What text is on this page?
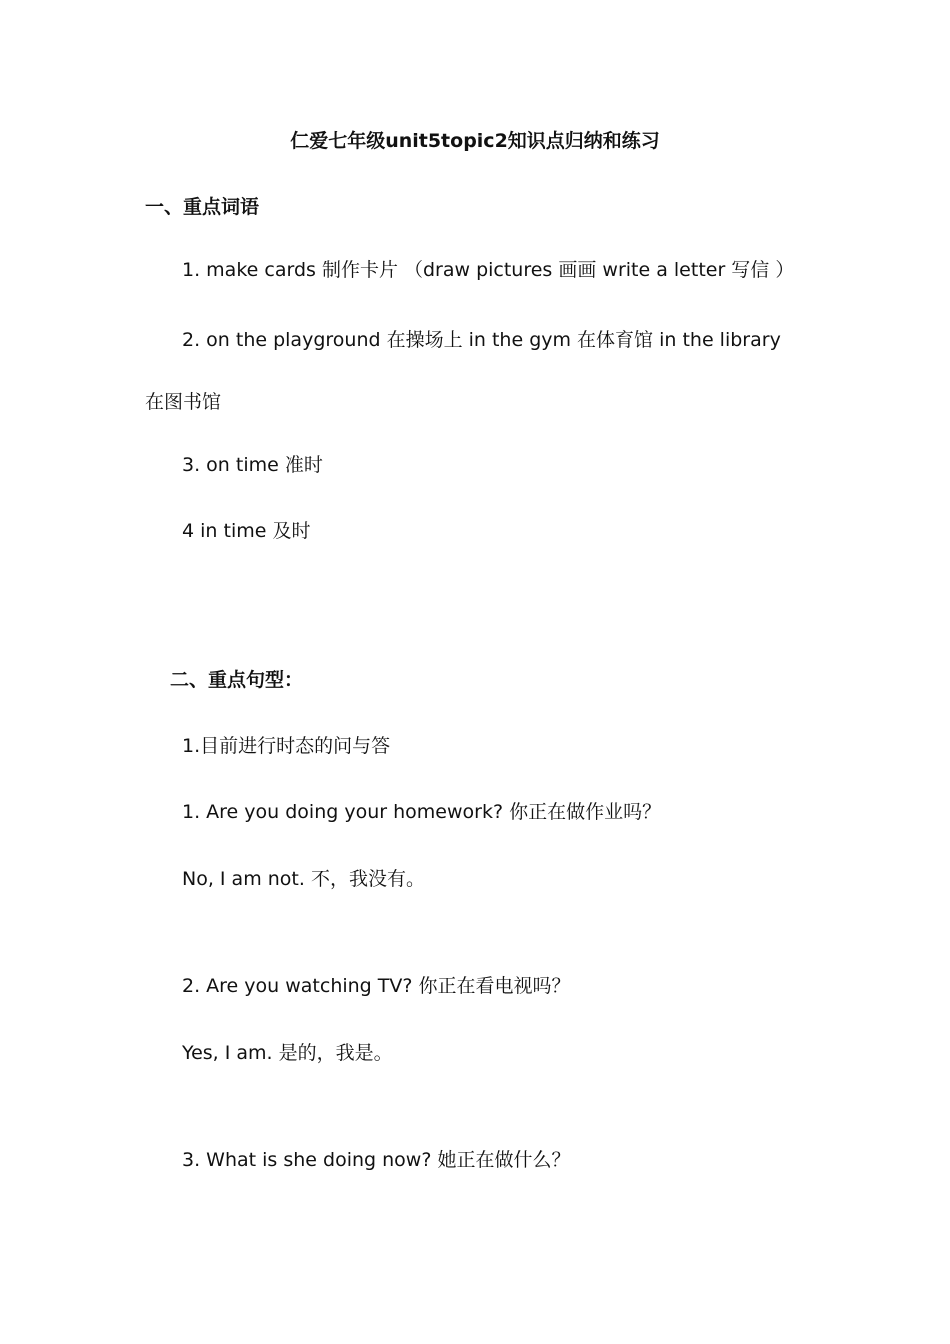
仁爱七年级unit5topic2知识点归纳和练习
一、重点词语
1. make cards 制作卡片 （draw pictures 画画 write a letter 写信 ）
2. on the playground 在操场上 in the gym 在体育馆 in the library
在图书馆
3. on time 准时
4 in time 及时
二、重点句型：
1.目前进行时态的问与答
1. Are you doing your homework? 你正在做作业吗？
No, I am not. 不，我没有。
2. Are you watching TV? 你正在看电视吗？
Yes, I am. 是的，我是。
3. What is she doing now? 她正在做什么？
